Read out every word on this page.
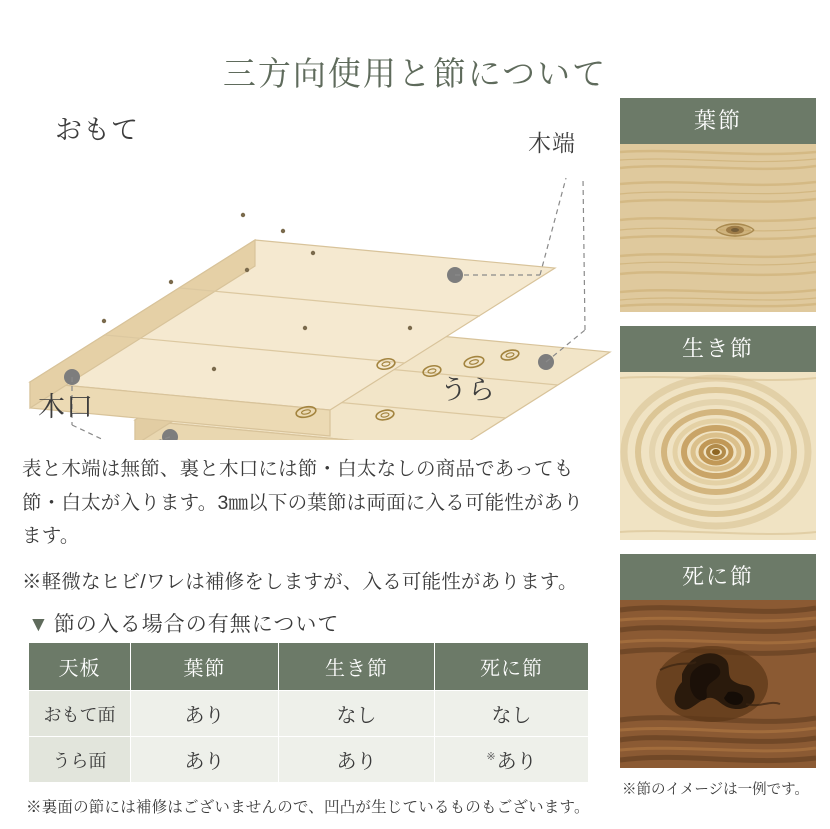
三方向使用と節について
おもて	木端
うら
木口

表と木端は無節、裏と木口には節・白太なしの商品であっても節・白太が入ります。3㎜以下の葉節は両面に入る可能性があります。

※軽微なヒビ/ワレは補修をしますが、入る可能性があります。

▼ 節の入る場合の有無について
天板	葉節	生き節	死に節
おもて面	あり	なし	なし
うら面	あり	あり	※あり
※裏面の節には補修はございませんので、凹凸が生じているものもございます。
葉節
生き節
死に節
※節のイメージは一例です。
